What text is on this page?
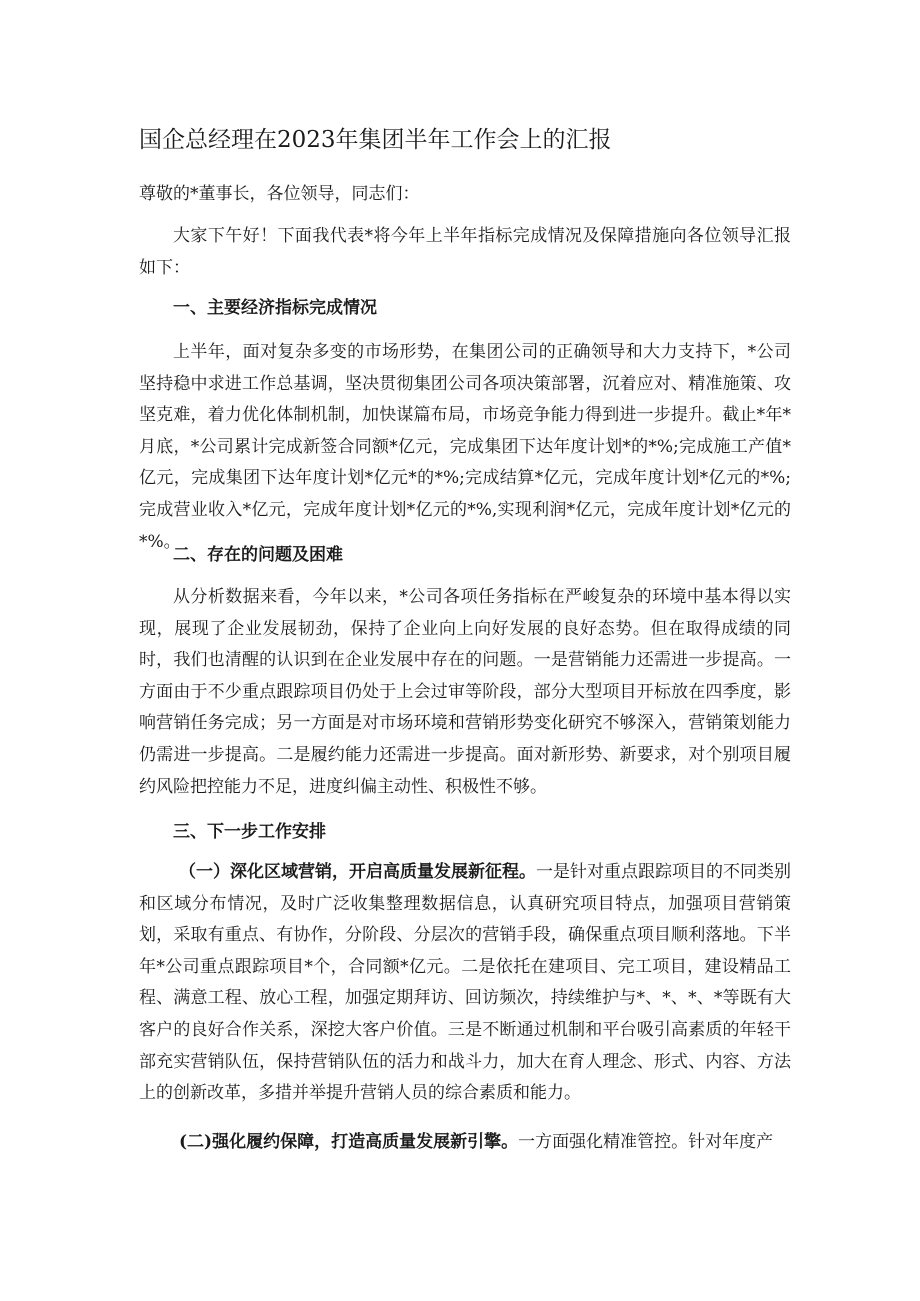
国企总经理在2023年集团半年工作会上的汇报
尊敬的*董事长，各位领导，同志们：

大家下午好！下面我代表*将今年上半年指标完成情况及保障措施向各位领导汇报如下：

一、主要经济指标完成情况

上半年，面对复杂多变的市场形势，在集团公司的正确领导和大力支持下，*公司坚持稳中求进工作总基调，坚决贯彻集团公司各项决策部署，沉着应对、精准施策、攻坚克难，着力优化体制机制，加快谋篇布局，市场竞争能力得到进一步提升。截止*年*月底，*公司累计完成新签合同额*亿元，完成集团下达年度计划*的*%;完成施工产值*亿元，完成集团下达年度计划*亿元*的*%;完成结算*亿元，完成年度计划*亿元的*%;完成营业收入*亿元，完成年度计划*亿元的*%,实现利润*亿元，完成年度计划*亿元的*%。

二、存在的问题及困难

从分析数据来看，今年以来，*公司各项任务指标在严峻复杂的环境中基本得以实现，展现了企业发展韧劲，保持了企业向上向好发展的良好态势。但在取得成绩的同时，我们也清醒的认识到在企业发展中存在的问题。一是营销能力还需进一步提高。一方面由于不少重点跟踪项目仍处于上会过审等阶段，部分大型项目开标放在四季度，影响营销任务完成；另一方面是对市场环境和营销形势变化研究不够深入，营销策划能力仍需进一步提高。二是履约能力还需进一步提高。面对新形势、新要求，对个别项目履约风险把控能力不足，进度纠偏主动性、积极性不够。

三、下一步工作安排

（一）深化区域营销，开启高质量发展新征程。一是针对重点跟踪项目的不同类别和区域分布情况，及时广泛收集整理数据信息，认真研究项目特点，加强项目营销策划，采取有重点、有协作，分阶段、分层次的营销手段，确保重点项目顺利落地。下半年*公司重点跟踪项目*个，合同额*亿元。二是依托在建项目、完工项目，建设精品工程、满意工程、放心工程，加强定期拜访、回访频次，持续维护与*、*、*、*等既有大客户的良好合作关系，深挖大客户价值。三是不断通过机制和平台吸引高素质的年轻干部充实营销队伍，保持营销队伍的活力和战斗力，加大在育人理念、形式、内容、方法上的创新改革，多措并举提升营销人员的综合素质和能力。

(二)强化履约保障，打造高质量发展新引擎。一方面强化精准管控。针对年度产
